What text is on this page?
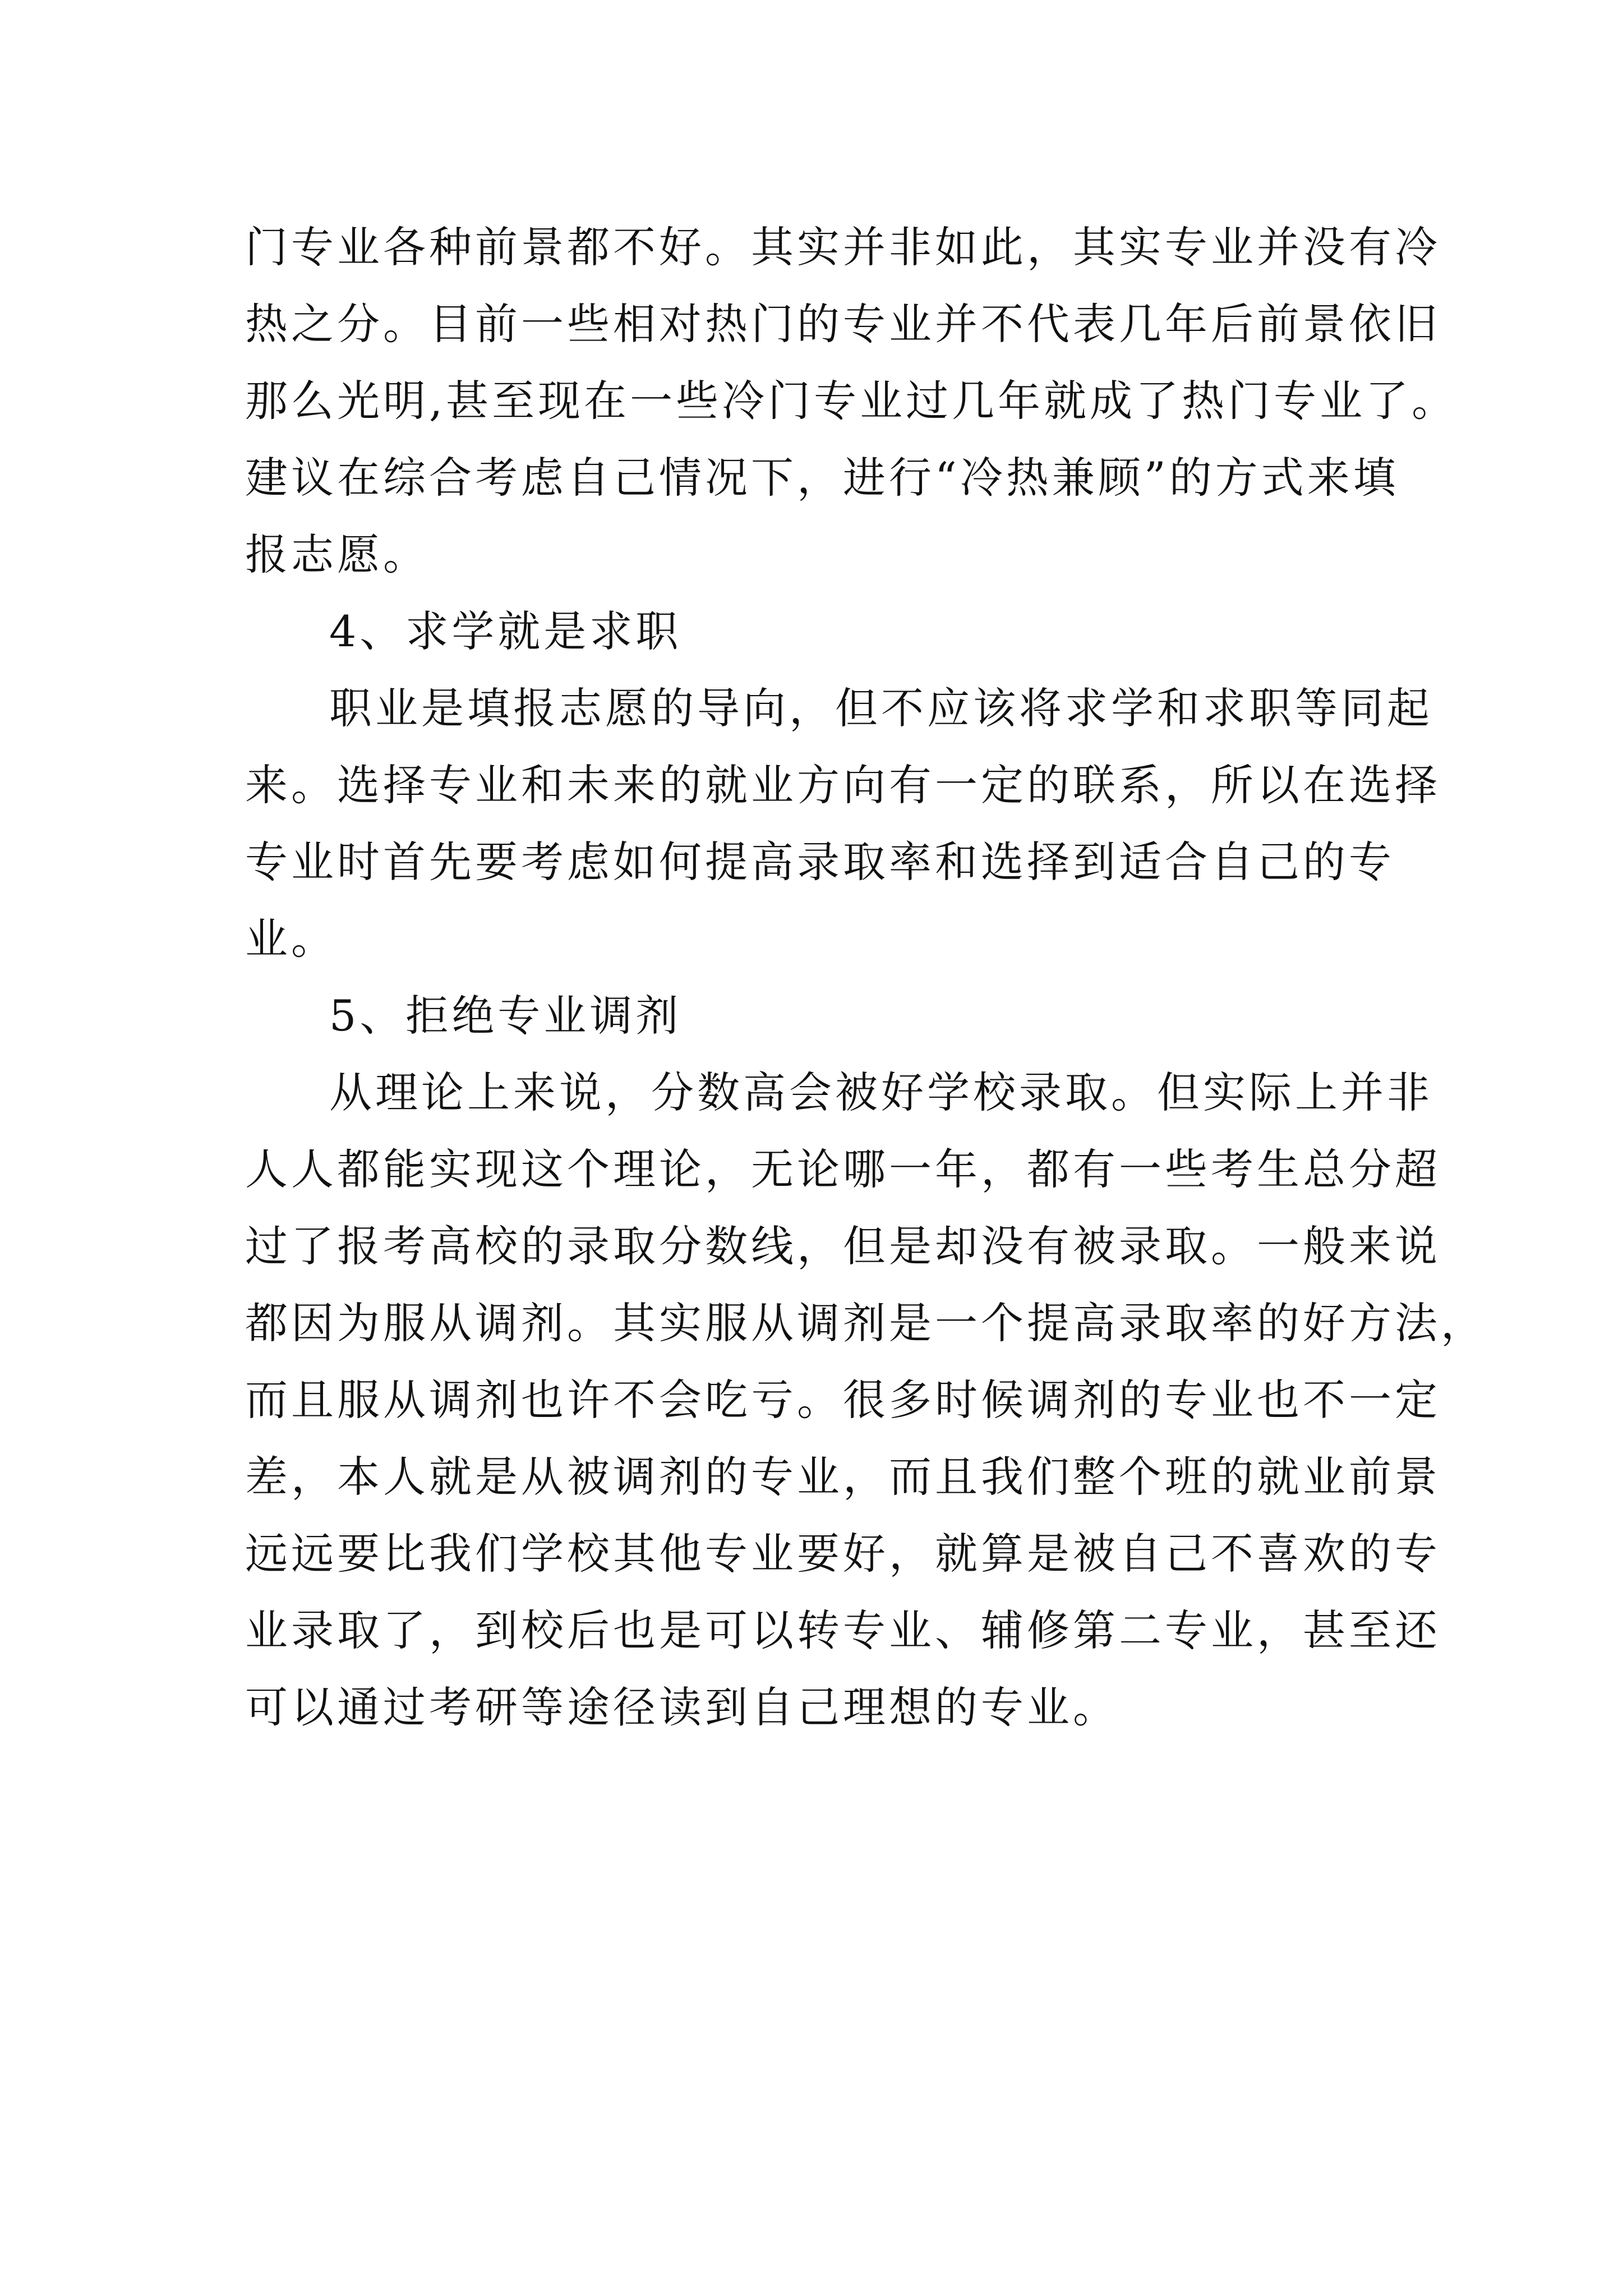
门专业各种前景都不好。其实并非如此，其实专业并没有冷
热之分。目前一些相对热门的专业并不代表几年后前景依旧
那么光明,甚至现在一些冷门专业过几年就成了热门专业了。
建议在综合考虑自己情况下，进行“冷热兼顾”的方式来填
报志愿。
4、求学就是求职
职业是填报志愿的导向，但不应该将求学和求职等同起
来。选择专业和未来的就业方向有一定的联系，所以在选择
专业时首先要考虑如何提高录取率和选择到适合自己的专
业。
5、拒绝专业调剂
从理论上来说，分数高会被好学校录取。但实际上并非
人人都能实现这个理论，无论哪一年，都有一些考生总分超
过了报考高校的录取分数线，但是却没有被录取。一般来说
都因为服从调剂。其实服从调剂是一个提高录取率的好方法，
而且服从调剂也许不会吃亏。很多时候调剂的专业也不一定
差，本人就是从被调剂的专业，而且我们整个班的就业前景
远远要比我们学校其他专业要好，就算是被自己不喜欢的专
业录取了，到校后也是可以转专业、辅修第二专业，甚至还
可以通过考研等途径读到自己理想的专业。
